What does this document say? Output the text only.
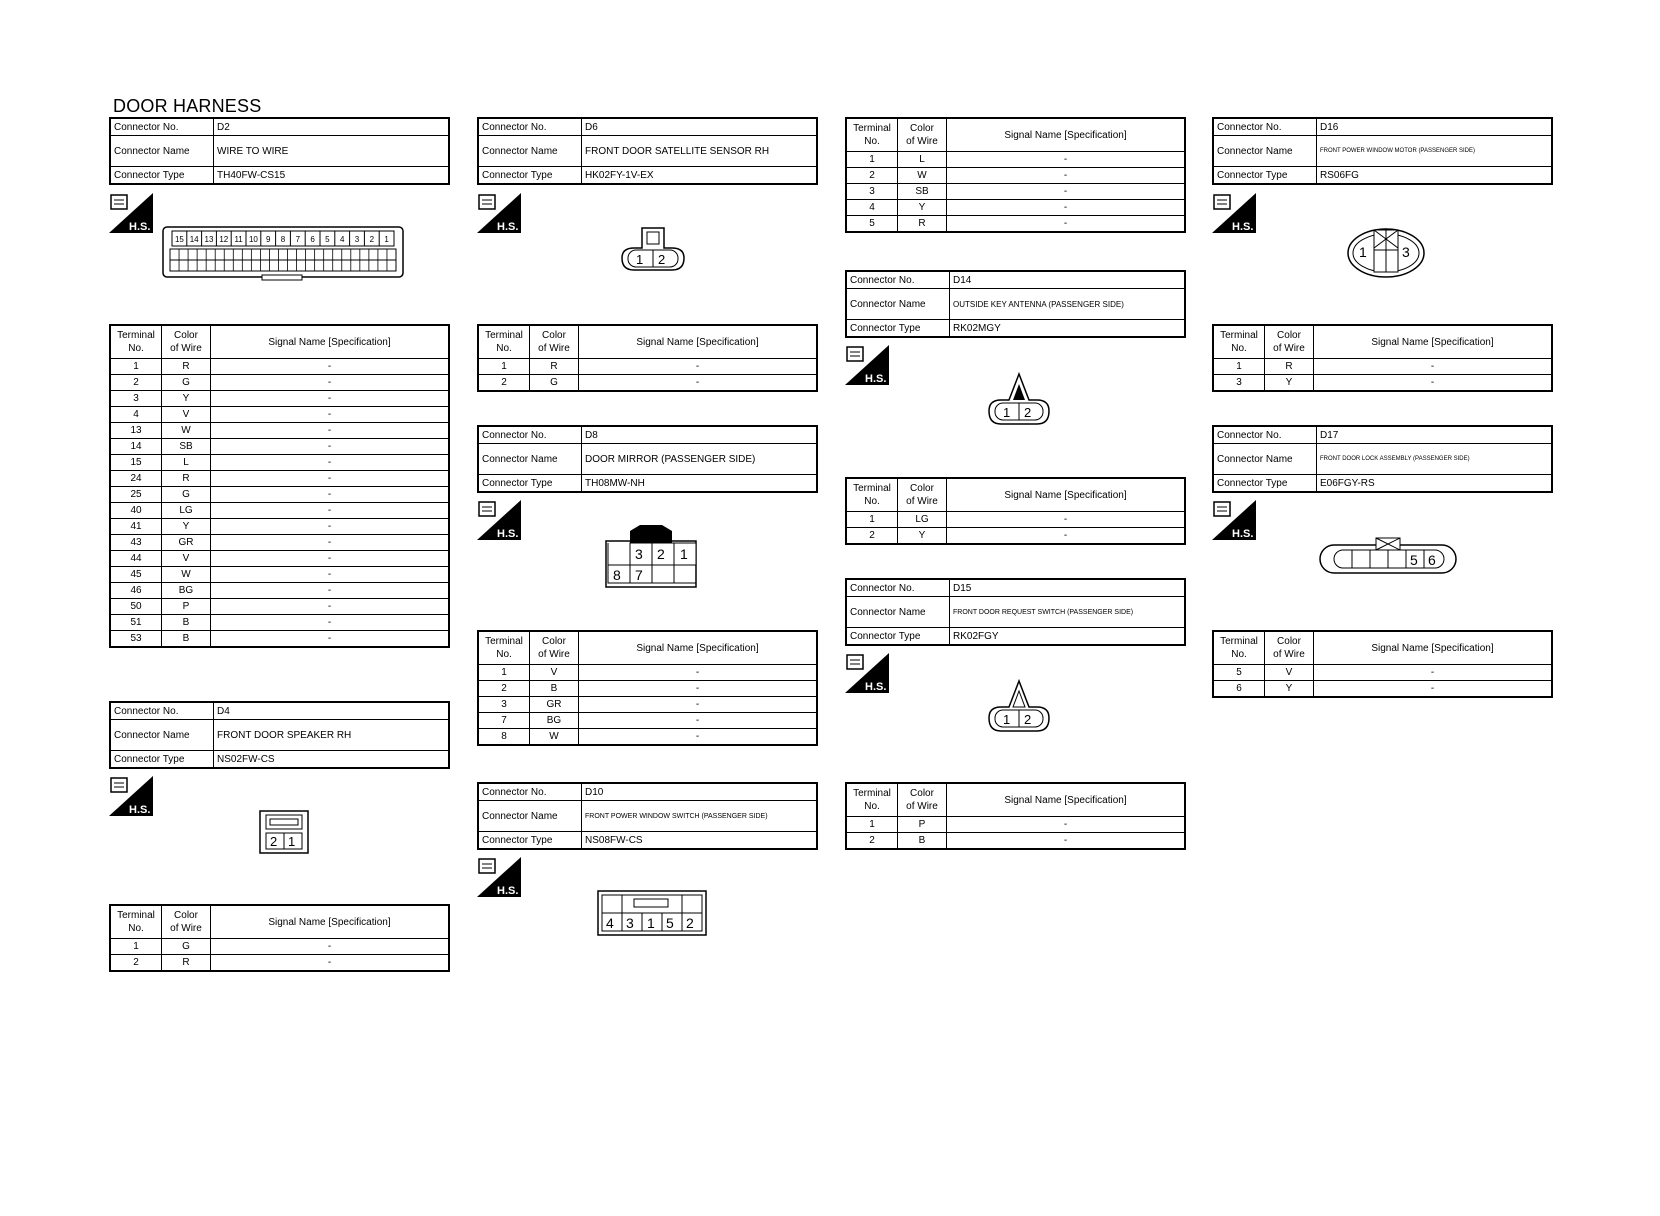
DOOR HARNESS
Connector No.	D2
Connector Name	WIRE TO WIRE
Connector Type	TH40FW-CS15
H.S.
15 14 13 12 11 10 9 8 7 6 5 4 3 2 1
Terminal
No.	Color
of Wire	Signal Name [Specification]
1	R	-
2	G	-
3	Y	-
4	V	-
13	W	-
14	SB	-
15	L	-
24	R	-
25	G	-
40	LG	-
41	Y	-
43	GR	-
44	V	-
45	W	-
46	BG	-
50	P	-
51	B	-
53	B	-
Connector No.	D4
Connector Name	FRONT DOOR SPEAKER RH
Connector Type	NS02FW-CS
H.S.
2 1
Terminal
No.	Color
of Wire	Signal Name [Specification]
1	G	-
2	R	-
Connector No.	D6
Connector Name	FRONT DOOR SATELLITE SENSOR RH
Connector Type	HK02FY-1V-EX
H.S.
1 2
Terminal
No.	Color
of Wire	Signal Name [Specification]
1	R	-
2	G	-
Connector No.	D8
Connector Name	DOOR MIRROR (PASSENGER SIDE)
Connector Type	TH08MW-NH
H.S.
3 2 1
8 7
Terminal
No.	Color
of Wire	Signal Name [Specification]
1	V	-
2	B	-
3	GR	-
7	BG	-
8	W	-
Connector No.	D10
Connector Name	FRONT POWER WINDOW SWITCH (PASSENGER SIDE)
Connector Type	NS08FW-CS
H.S.
4 3 1 5 2
Terminal
No.	Color
of Wire	Signal Name [Specification]
1	L	-
2	W	-
3	SB	-
4	Y	-
5	R	-
Connector No.	D14
Connector Name	OUTSIDE KEY ANTENNA (PASSENGER SIDE)
Connector Type	RK02MGY
H.S.
1 2
Terminal
No.	Color
of Wire	Signal Name [Specification]
1	LG	-
2	Y	-
Connector No.	D15
Connector Name	FRONT DOOR REQUEST SWITCH (PASSENGER SIDE)
Connector Type	RK02FGY
H.S.
1 2
Terminal
No.	Color
of Wire	Signal Name [Specification]
1	P	-
2	B	-
Connector No.	D16
Connector Name	FRONT POWER WINDOW MOTOR (PASSENGER SIDE)
Connector Type	RS06FG
H.S.
1	3
Terminal
No.	Color
of Wire	Signal Name [Specification]
1	R	-
3	Y	-
Connector No.	D17
Connector Name	FRONT DOOR LOCK ASSEMBLY (PASSENGER SIDE)
Connector Type	E06FGY-RS
H.S.
5 6
Terminal
No.	Color
of Wire	Signal Name [Specification]
5	V	-
6	Y	-
